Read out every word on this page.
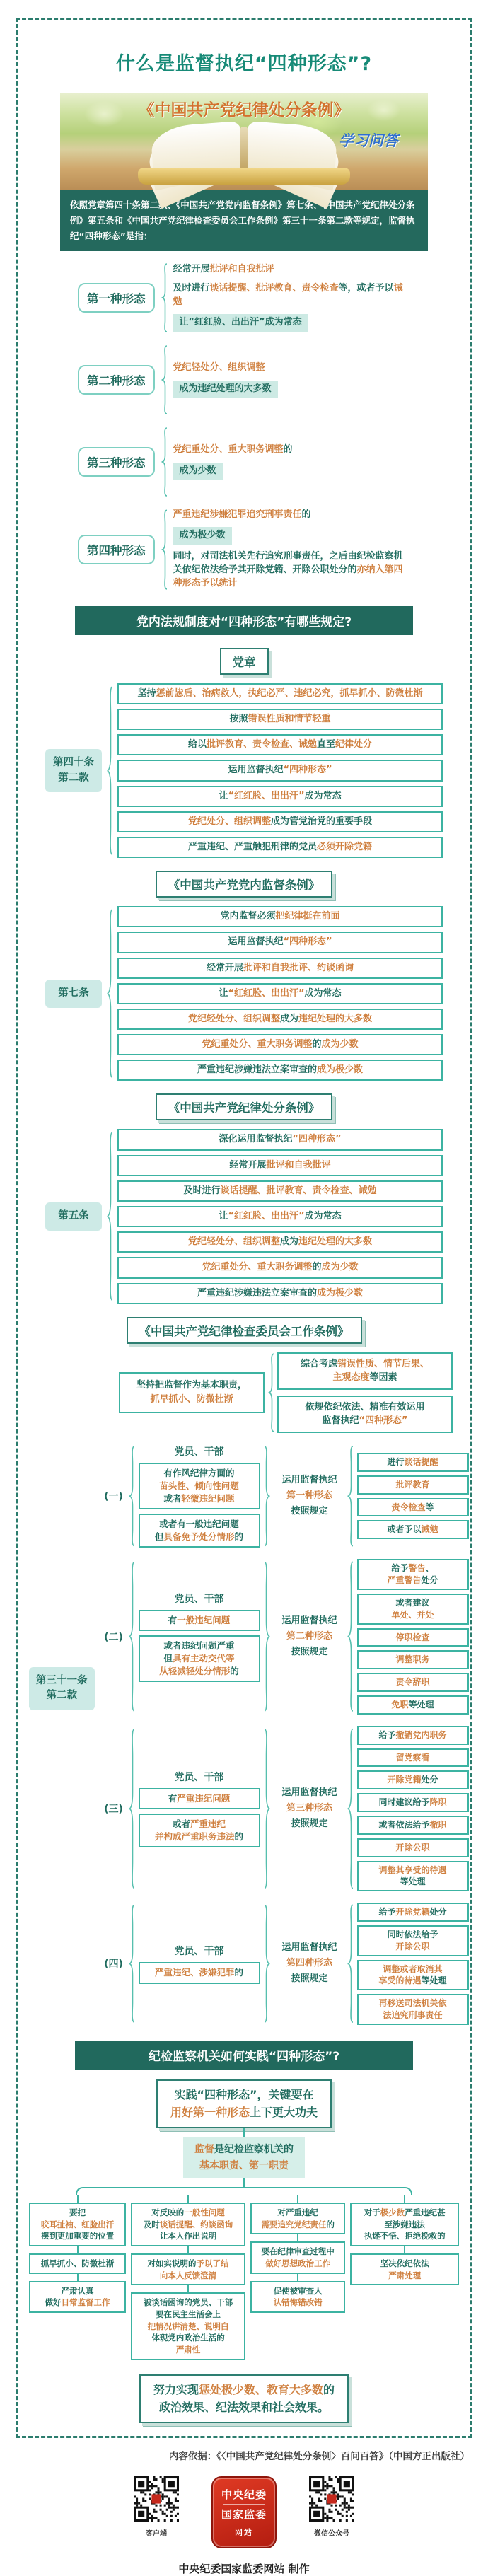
什么是监督执纪“四种形态”?
《中国共产党纪律处分条例》
学习问答
依照党章第四十条第二款、《中国共产党党内监督条例》第七条、《中国共产党纪律处分条例》第五条和《中国共产党纪律检查委员会工作条例》第三十一条第二款等规定，监督执纪“四种形态”是指：
第一种形态
经常开展批评和自我批评
及时进行谈话提醒、批评教育、责令检查等，或者予以诫勉
让“红红脸、出出汗”成为常态
第二种形态
党纪轻处分、组织调整
成为违纪处理的大多数
第三种形态
党纪重处分、重大职务调整的
成为少数
第四种形态
严重违纪涉嫌犯罪追究刑事责任的
成为极少数
同时，对司法机关先行追究刑事责任，之后由纪检监察机关依纪依法给予其开除党籍、开除公职处分的亦纳入第四种形态予以统计
党内法规制度对“四种形态”有哪些规定?
党章
第四十条
第二款
坚持惩前毖后、治病救人，执纪必严、违纪必究，抓早抓小、防微杜渐
按照错误性质和情节轻重
给以批评教育、责令检查、诫勉直至纪律处分
运用监督执纪“四种形态”
让“红红脸、出出汗”成为常态
党纪处分、组织调整成为管党治党的重要手段
严重违纪、严重触犯刑律的党员必须开除党籍
《中国共产党党内监督条例》
第七条
党内监督必须把纪律挺在前面
运用监督执纪“四种形态”
经常开展批评和自我批评、约谈函询
让“红红脸、出出汗”成为常态
党纪轻处分、组织调整成为违纪处理的大多数
党纪重处分、重大职务调整的成为少数
严重违纪涉嫌违法立案审查的成为极少数
《中国共产党纪律处分条例》
第五条
深化运用监督执纪“四种形态”
经常开展批评和自我批评
及时进行谈话提醒、批评教育、责令检查、诫勉
让“红红脸、出出汗”成为常态
党纪轻处分、组织调整成为违纪处理的大多数
党纪重处分、重大职务调整的成为少数
严重违纪涉嫌违法立案审查的成为极少数
《中国共产党纪律检查委员会工作条例》
第三十一条
第二款
坚持把监督作为基本职责，
抓早抓小、防微杜渐
综合考虑错误性质、情节后果、
主观态度等因素
依规依纪依法、精准有效运用
监督执纪“四种形态”
(一)
党员、干部
有作风纪律方面的
苗头性、倾向性问题
或者轻微违纪问题
或者有一般违纪问题
但具备免予处分情形的
运用监督执纪
第一种形态
按照规定
进行谈话提醒
批评教育
责令检查等
或者予以诫勉
(二)
党员、干部
有一般违纪问题
或者违纪问题严重
但具有主动交代等
从轻减轻处分情形的
运用监督执纪
第二种形态
按照规定
给予警告、
严重警告处分
或者建议
单处、并处
停职检查
调整职务
责令辞职
免职等处理
(三)
党员、干部
有严重违纪问题
或者严重违纪
并构成严重职务违法的
运用监督执纪
第三种形态
按照规定
给予撤销党内职务
留党察看
开除党籍处分
同时建议给予降职
或者依法给予撤职
开除公职
调整其享受的待遇
等处理
(四)
党员、干部
严重违纪、涉嫌犯罪的
运用监督执纪
第四种形态
按照规定
给予开除党籍处分
同时依法给予
开除公职
调整或者取消其
享受的待遇等处理
再移送司法机关依
法追究刑事责任
纪检监察机关如何实践“四种形态”?
实践“四种形态”，关键要在
用好第一种形态上下更大功夫
监督是纪检监察机关的
基本职责、第一职责
要把
咬耳扯袖、红脸出汗
摆到更加重要的位置
抓早抓小、防微杜渐
严肃认真
做好日常监督工作
对反映的一般性问题
及时谈话提醒、约谈函询
让本人作出说明
对如实说明的予以了结
向本人反馈澄清
被谈话函询的党员、干部
要在民主生活会上
把情况讲清楚、说明白
体现党内政治生活的
严肃性
对严重违纪
需要追究党纪责任的
要在纪律审查过程中
做好思想政治工作
促使被审查人
认错悔错改错
对于极少数严重违纪甚
至涉嫌违法
执迷不悟、拒绝挽救的
坚决依纪依法
严肃处理
努力实现惩处极少数、教育大多数的
政治效果、纪法效果和社会效果。
内容依据：《〈中国共产党纪律处分条例〉百问百答》（中国方正出版社）
客户端
中央纪委
国家监委
网站	微信公众号
中央纪委国家监委网站 制作
